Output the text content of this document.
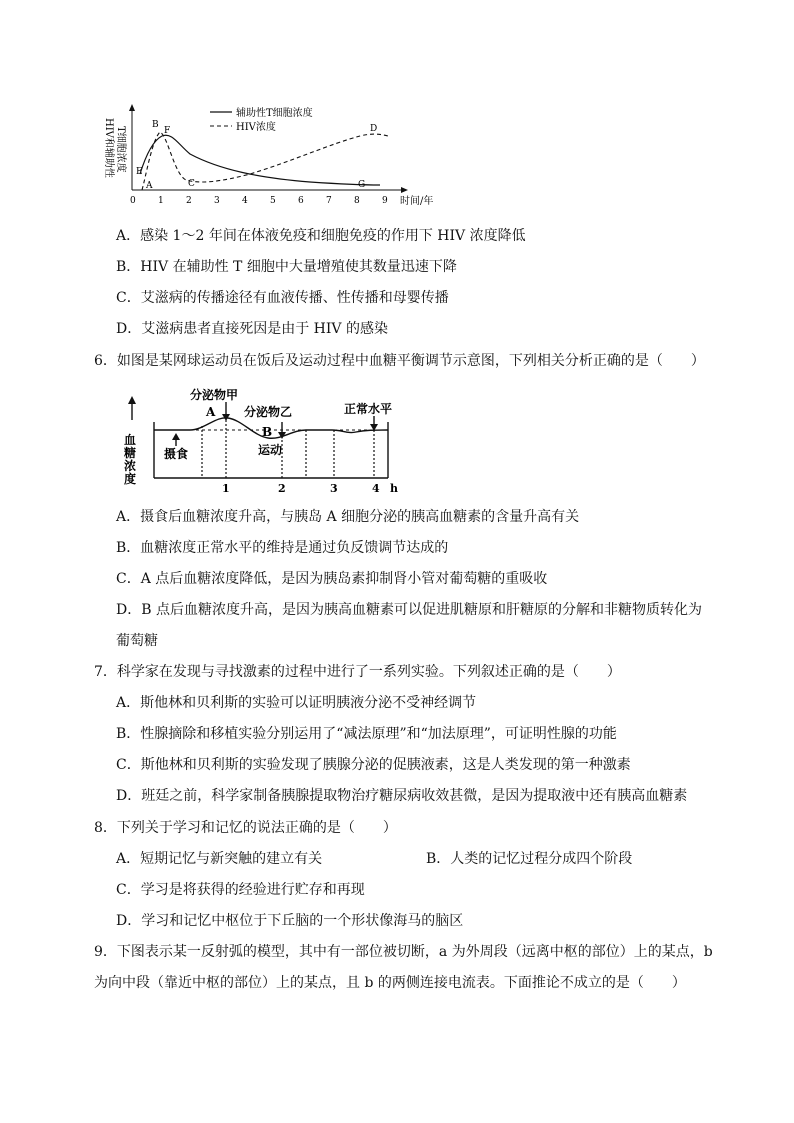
HIV和辅助性 T细胞浓度
A
B
C
D
E
F
G
0 1 2 3 4 5 6 7 8 9 时间/年
辅助性T细胞浓度
HIV浓度
A．感染 1～2 年间在体液免疫和细胞免疫的作用下 HIV 浓度降低
B．HIV 在辅助性 T 细胞中大量增殖使其数量迅速下降
C．艾滋病的传播途径有血液传播、性传播和母婴传播
D．艾滋病患者直接死因是由于 HIV 的感染
6．如图是某网球运动员在饭后及运动过程中血糖平衡调节示意图，下列相关分析正确的是（　　）
血
糖
浓
度
分泌物甲
A 分泌物乙
B
正常水平
摄食	运动
1	2	3	4 h
A．摄食后血糖浓度升高，与胰岛 A 细胞分泌的胰高血糖素的含量升高有关
B．血糖浓度正常水平的维持是通过负反馈调节达成的
C．A 点后血糖浓度降低，是因为胰岛素抑制肾小管对葡萄糖的重吸收
D．B 点后血糖浓度升高，是因为胰高血糖素可以促进肌糖原和肝糖原的分解和非糖物质转化为
葡萄糖
7．科学家在发现与寻找激素的过程中进行了一系列实验。下列叙述正确的是（　　）
A．斯他林和贝利斯的实验可以证明胰液分泌不受神经调节
B．性腺摘除和移植实验分别运用了“减法原理”和“加法原理”，可证明性腺的功能
C．斯他林和贝利斯的实验发现了胰腺分泌的促胰液素，这是人类发现的第一种激素
D．班廷之前，科学家制备胰腺提取物治疗糖尿病收效甚微，是因为提取液中还有胰高血糖素
8．下列关于学习和记忆的说法正确的是（　　）
A．短期记忆与新突触的建立有关	B．人类的记忆过程分成四个阶段
C．学习是将获得的经验进行贮存和再现
D．学习和记忆中枢位于下丘脑的一个形状像海马的脑区
9．下图表示某一反射弧的模型，其中有一部位被切断，a 为外周段（远离中枢的部位）上的某点，b
为向中段（靠近中枢的部位）上的某点，且 b 的两侧连接电流表。下面推论不成立的是（　　）
